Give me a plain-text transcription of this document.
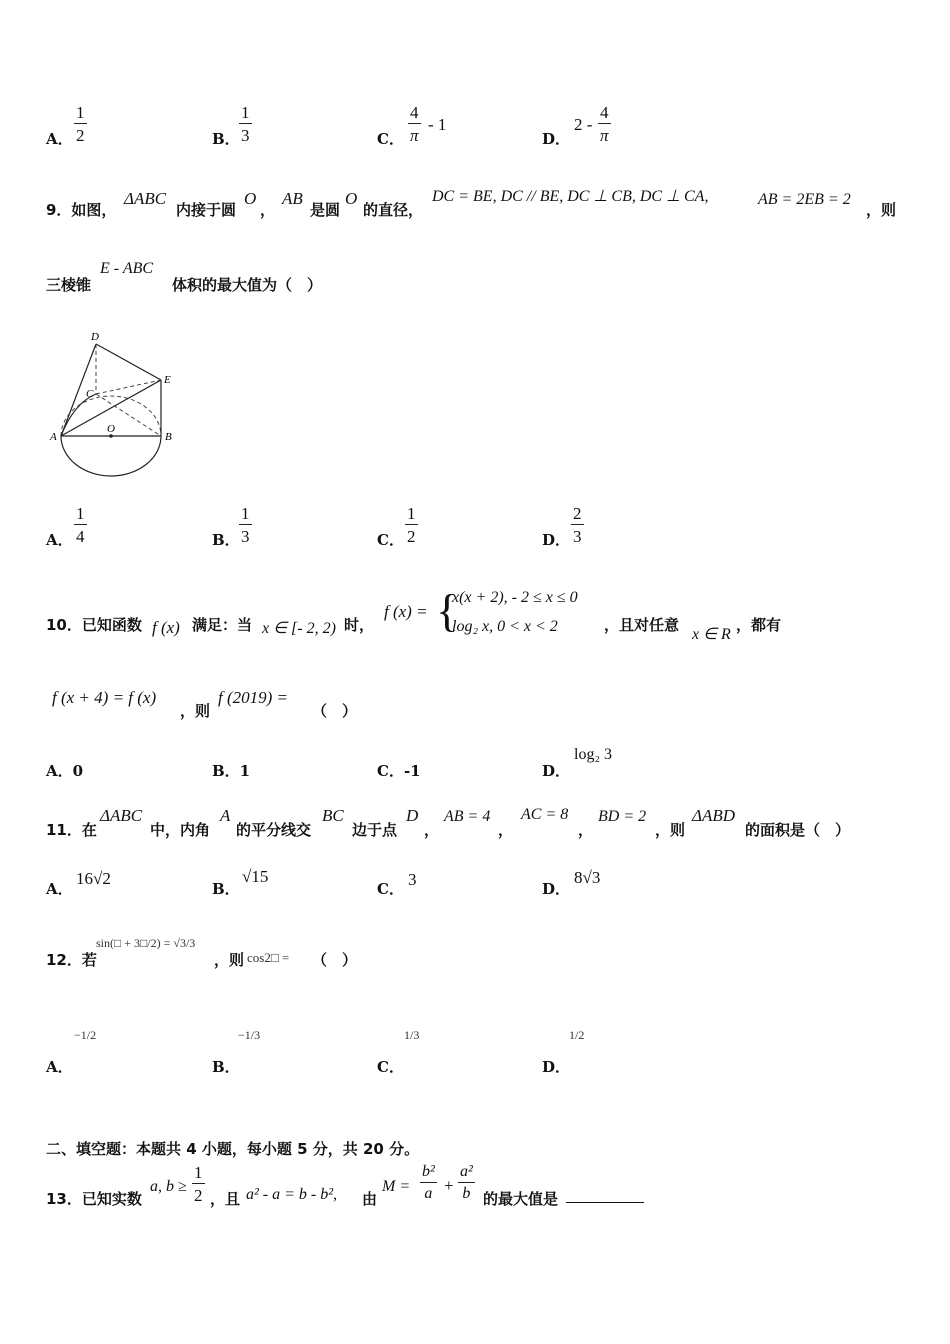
A． $\frac{1}{2}$	B． $\frac{1}{3}$	C． $\frac{4}{\pi} - 1$
D．
$2 - \frac{4}{\pi}$
9．如图，
ΔABC
内接于圆
O
，
AB
是圆
O
的直径，
DC = BE, DC // BE, DC ⊥ CB, DC ⊥ CA,	AB = 2EB = 2
，则
三棱锥
E - ABC
体积的最大值为（　）
D
E
C
A
O
B
A． $\frac{1}{4}$	B． $\frac{1}{3}$	C． $\frac{1}{2}$	D． $\frac{2}{3}$
10．已知函数 f (x) 满足：当 x ∈ [- 2, 2) 时，
f (x) = {
x(x + 2), - 2 ≤ x ≤ 0
log₂ x, 0 < x < 2	，且对任意
x ∈ R
，都有
f (x + 4) = f (x)
，则
f (2019) =
（　）
A．0	B．1	C．-1	D．
log₂ 3
11．在
ΔABC
中，内角
A
的平分线交
BC
边于点
D
，
AB = 4
，
AC = 8
，
BD = 2
，则
ΔABD
的面积是（　）
A．
16√2
B．
√15
C． 3	D．
8√3
12．若
sin(□ + 3□/2) = √3/3
，则 cos2□ = （　）
A．
−1/2
B．
−1/3
C．
1/3
D．
1/2
二、填空题：本题共 4 小题，每小题 5 分，共 20 分。
13．已知实数
a, $b \ge \frac{1}{2}$ ，且 a² - a = b - b², 由
$M = \frac{\text{b²}}{a} + \frac{\text{a²}}{b}$ 的最大值是
